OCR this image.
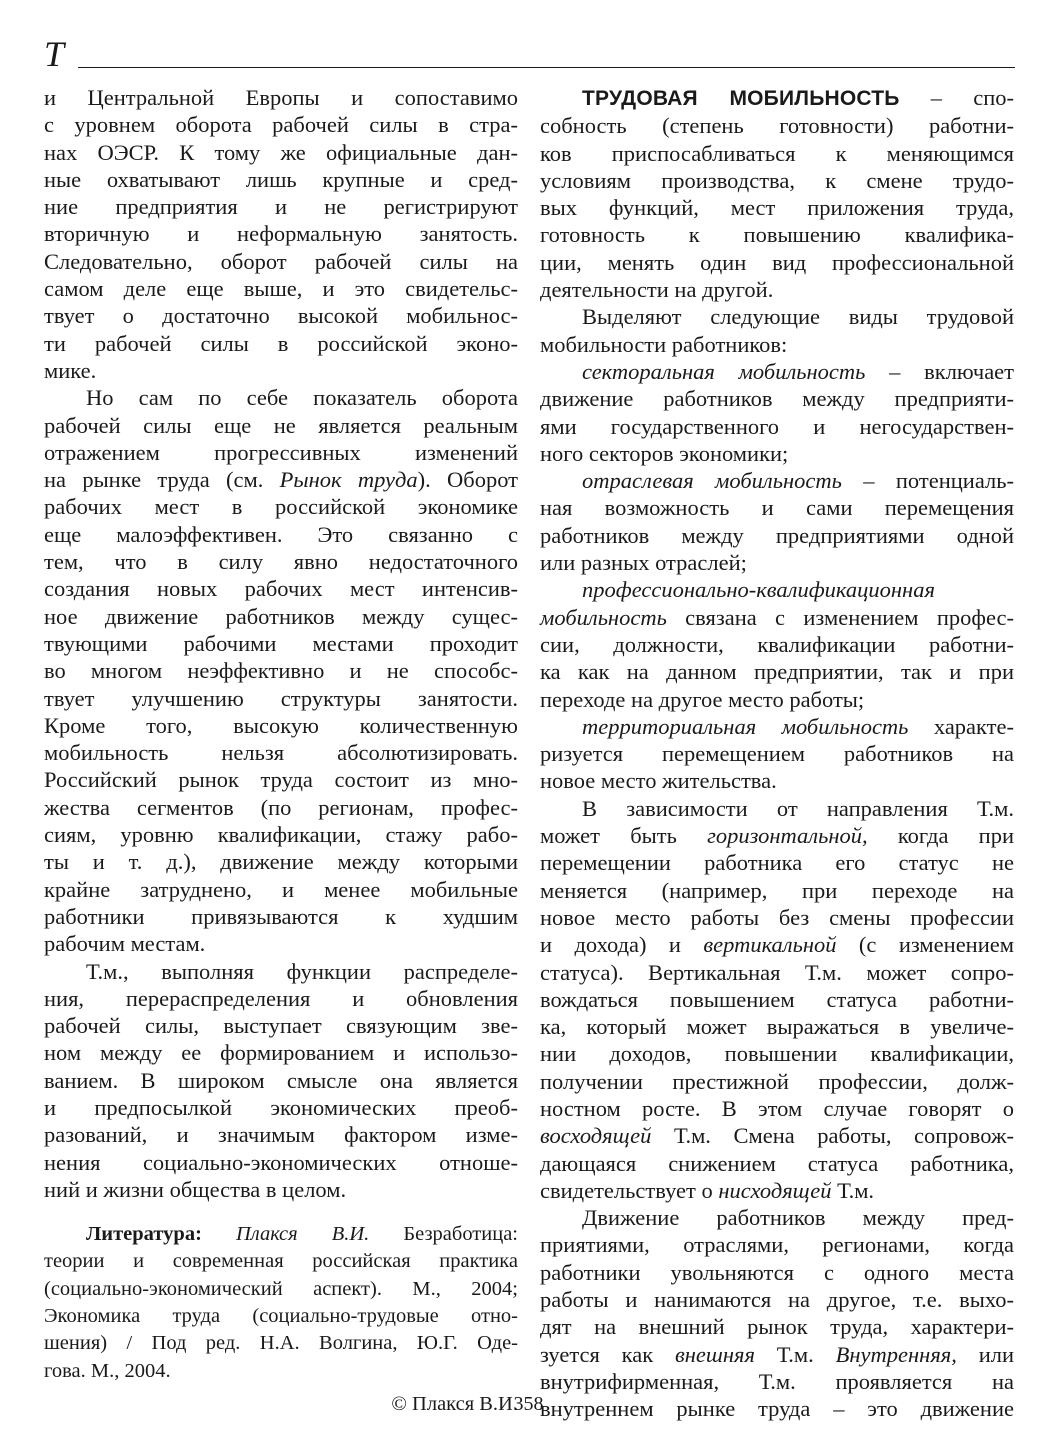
Т
и Центральной Европы и сопоставимо
с уровнем оборота рабочей силы в стра-
нах ОЭСР. К тому же официальные дан-
ные охватывают лишь крупные и сред-
ние предприятия и не регистрируют
вторичную и неформальную занятость.
Следовательно, оборот рабочей силы на
самом деле еще выше, и это свидетельс-
твует о достаточно высокой мобильнос-
ти рабочей силы в российской эконо-
мике.
Но сам по себе показатель оборота
рабочей силы еще не является реальным
отражением прогрессивных изменений
на рынке труда (см. Рынок труда). Оборот
рабочих мест в российской экономике
еще малоэффективен. Это связанно с
тем, что в силу явно недостаточного
создания новых рабочих мест интенсив-
ное движение работников между сущес-
твующими рабочими местами проходит
во многом неэффективно и не способс-
твует улучшению структуры занятости.
Кроме того, высокую количественную
мобильность нельзя абсолютизировать.
Российский рынок труда состоит из мно-
жества сегментов (по регионам, профес-
сиям, уровню квалификации, стажу рабо-
ты и т. д.), движение между которыми
крайне затруднено, и менее мобильные
работники привязываются к худшим
рабочим местам.
Т.м., выполняя функции распределе-
ния, перераспределения и обновления
рабочей силы, выступает связующим зве-
ном между ее формированием и использо-
ванием. В широком смысле она является
и предпосылкой экономических преоб-
разований, и значимым фактором изме-
нения социально-экономических отноше-
ний и жизни общества в целом.
Литература: Плакся В.И. Безработица:
теории и современная российская практика
(социально-экономический аспект). М., 2004;
Экономика труда (социально-трудовые отно-
шения) / Под ред. Н.А. Волгина, Ю.Г. Оде-
гова. М., 2004.
© Плакся В.И.
ТРУДОВАЯ МОБИЛЬНОСТЬ – спо-
собность (степень готовности) работни-
ков приспосабливаться к меняющимся
условиям производства, к смене трудо-
вых функций, мест приложения труда,
готовность к повышению квалифика-
ции, менять один вид профессиональной
деятельности на другой.
Выделяют следующие виды трудовой
мобильности работников:
секторальная мобильность – включает
движение работников между предприяти-
ями государственного и негосударствен-
ного секторов экономики;
отраслевая мобильность – потенциаль-
ная возможность и сами перемещения
работников между предприятиями одной
или разных отраслей;
профессионально-квалификационная
мобильность связана с изменением профес-
сии, должности, квалификации работни-
ка как на данном предприятии, так и при
переходе на другое место работы;
территориальная мобильность характе-
ризуется перемещением работников на
новое место жительства.
В зависимости от направления Т.м.
может быть горизонтальной, когда при
перемещении работника его статус не
меняется (например, при переходе на
новое место работы без смены профессии
и дохода) и вертикальной (с изменением
статуса). Вертикальная Т.м. может сопро-
вождаться повышением статуса работни-
ка, который может выражаться в увеличе-
нии доходов, повышении квалификации,
получении престижной профессии, долж-
ностном росте. В этом случае говорят о
восходящей Т.м. Смена работы, сопровож-
дающаяся снижением статуса работника,
свидетельствует о нисходящей Т.м.
Движение работников между пред-
приятиями, отраслями, регионами, когда
работники увольняются с одного места
работы и нанимаются на другое, т.е. выхо-
дят на внешний рынок труда, характери-
зуется как внешняя Т.м. Внутренняя, или
внутрифирменная, Т.м. проявляется на
внутреннем рынке труда – это движение
358
